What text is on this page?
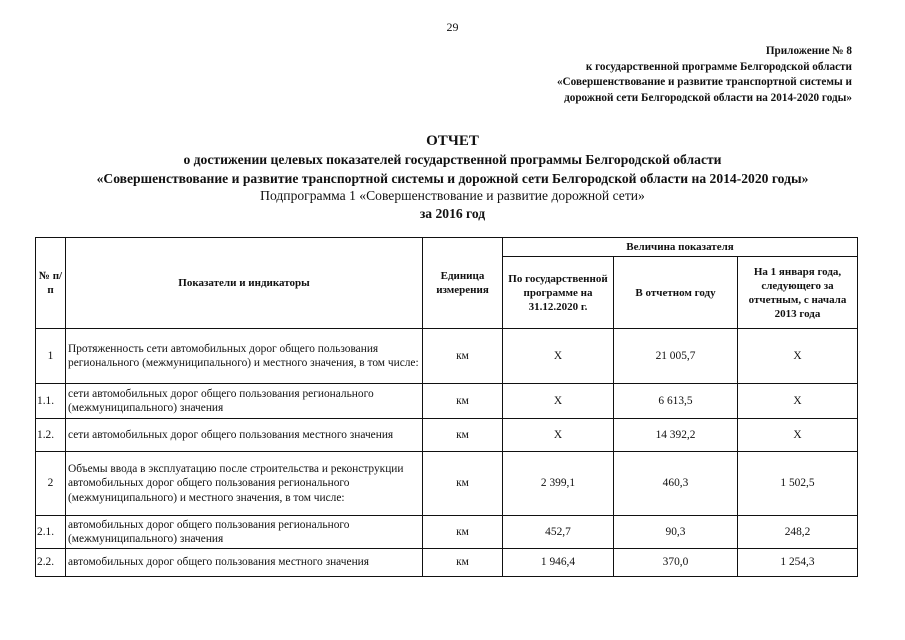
29
Приложение № 8
к государственной программе Белгородской области
«Совершенствование и развитие транспортной системы и
дорожной сети Белгородской области на 2014-2020 годы»
ОТЧЕТ
о достижении целевых показателей государственной программы Белгородской области
«Совершенствование и развитие транспортной системы и дорожной сети Белгородской области на 2014-2020 годы»
Подпрограмма 1 «Совершенствование и развитие дорожной сети»
за 2016 год
№ п/п	Показатели и индикаторы	Единица измерения	Величина показателя		
			По государственной программе на 31.12.2020 г.	В отчетном году	На 1 января года, следующего за отчетным, с начала 2013 года
1	Протяженность сети автомобильных дорог общего пользования регионального (межмуниципального) и местного значения, в том числе:	км	Х	21 005,7	Х
1.1.	сети автомобильных дорог общего пользования регионального (межмуниципального) значения	км	Х	6 613,5	Х
1.2.	сети автомобильных дорог общего пользования местного значения	км	Х	14 392,2	Х
2	Объемы ввода в эксплуатацию после строительства и реконструкции автомобильных дорог общего пользования регионального (межмуниципального) и местного значения, в том числе:	км	2 399,1	460,3	1 502,5
2.1.	автомобильных дорог общего пользования регионального (межмуниципального) значения	км	452,7	90,3	248,2
2.2.	автомобильных дорог общего пользования местного значения	км	1 946,4	370,0	1 254,3
